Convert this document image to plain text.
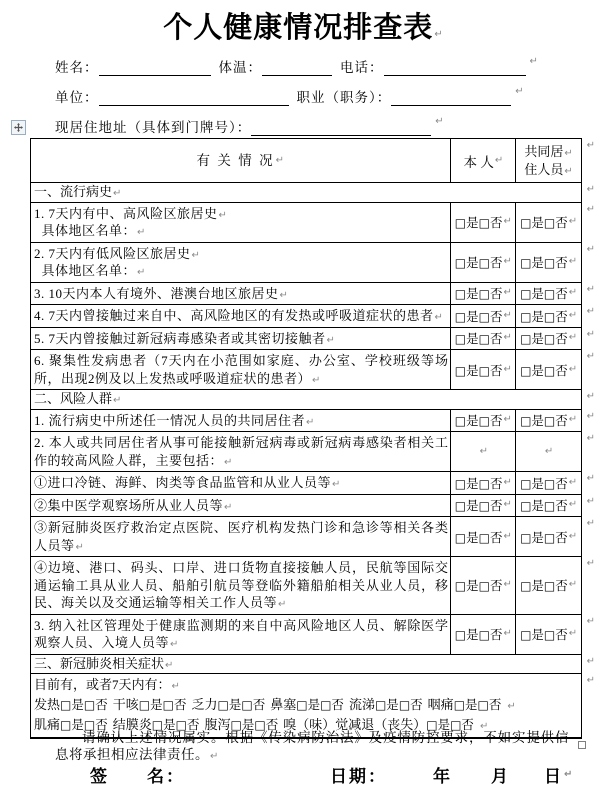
个人健康情况排查表↵
姓名：	体温：	电话：	↵
单位：	职业（职务）：	↵
现居住地址（具体到门牌号）：	↵
有 关 情 况 ↵	本 人 ↵
共同居↵
住人员↵
↵
一、流行病史↵	↵
1. 7天内有中、高风险区旅居史↵
具体地区名单：↵
□是□否 ↵ □是□否 ↵
↵
2. 7天内有低风险区旅居史↵
具体地区名单：↵
□是□否 ↵ □是□否 ↵
↵
3. 10天内本人有境外、港澳台地区旅居史↵	□是□否 ↵ □是□否 ↵ ↵
4. 7天内曾接触过来自中、高风险地区的有发热或呼吸道症状的患者↵ □是□否 ↵ □是□否 ↵ ↵
5. 7天内曾接触过新冠病毒感染者或其密切接触者↵	□是□否 ↵ □是□否 ↵ ↵
6. 聚集性发病患者（7天内在小范围如家庭、办公室、学校班级等场所，出现2例及以上发热或呼吸道症状的患者）↵
□是□否 ↵ □是□否 ↵
↵
二、风险人群↵	↵
1. 流行病史中所述任一情况人员的共同居住者↵	□是□否 ↵ □是□否 ↵ ↵
2. 本人或共同居住者从事可能接触新冠病毒或新冠病毒感染者相关工作的较高风险人群，主要包括：↵
↵	↵
↵
①进口冷链、海鲜、肉类等食品监管和从业人员等↵	□是□否 ↵ □是□否 ↵ ↵
②集中医学观察场所从业人员等↵	□是□否 ↵ □是□否 ↵ ↵
③新冠肺炎医疗救治定点医院、医疗机构发热门诊和急诊等相关各类人员等↵
□是□否 ↵ □是□否 ↵
↵
④边境、港口、码头、口岸、进口货物直接接触人员，民航等国际交通运输工具从业人员、船舶引航员等登临外籍船舶相关从业人员，移民、海关以及交通运输等相关工作人员等↵
□是□否 ↵ □是□否 ↵
↵
3. 纳入社区管理处于健康监测期的来自中高风险地区人员、解除医学观察人员、入境人员等↵
□是□否 ↵ □是□否 ↵
↵
三、新冠肺炎相关症状↵	↵
目前有，或者7天内有：↵
发热□是□否 干咳□是□否 乏力□是□否 鼻塞□是□否 流涕□是□否 咽痛□是□否 ↵
肌痛□是□否 结膜炎□是□否 腹泻□是□否 嗅（味）觉减退（丧失）□是□否 ↵
↵
请确认上述情况属实。根据《传染病防治法》及疫情防控要求，不如实提供信息将承担相应法律责任。↵
签　　名：	日期：	年 月 日 ↵
